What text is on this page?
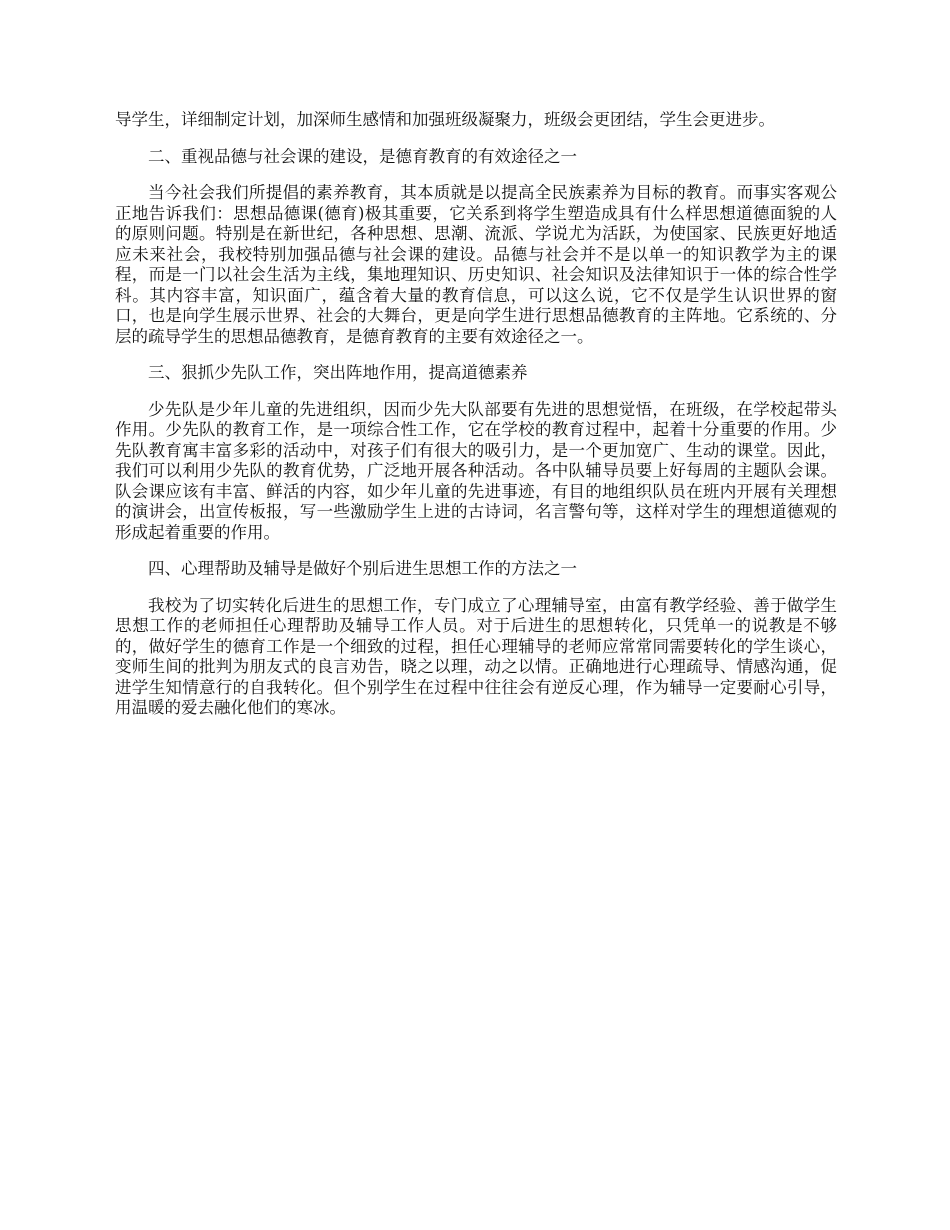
导学生，详细制定计划，加深师生感情和加强班级凝聚力，班级会更团结，学生会更进步。

二、重视品德与社会课的建设，是德育教育的有效途径之一

当今社会我们所提倡的素养教育，其本质就是以提高全民族素养为目标的教育。而事实客观公正地告诉我们：思想品德课(德育)极其重要，它关系到将学生塑造成具有什么样思想道德面貌的人的原则问题。特别是在新世纪，各种思想、思潮、流派、学说尤为活跃，为使国家、民族更好地适应未来社会，我校特别加强品德与社会课的建设。品德与社会并不是以单一的知识教学为主的课程，而是一门以社会生活为主线，集地理知识、历史知识、社会知识及法律知识于一体的综合性学科。其内容丰富，知识面广，蕴含着大量的教育信息，可以这么说，它不仅是学生认识世界的窗口，也是向学生展示世界、社会的大舞台，更是向学生进行思想品德教育的主阵地。它系统的、分层的疏导学生的思想品德教育，是德育教育的主要有效途径之一。

三、狠抓少先队工作，突出阵地作用，提高道德素养

少先队是少年儿童的先进组织，因而少先大队部要有先进的思想觉悟，在班级，在学校起带头作用。少先队的教育工作，是一项综合性工作，它在学校的教育过程中，起着十分重要的作用。少先队教育寓丰富多彩的活动中，对孩子们有很大的吸引力，是一个更加宽广、生动的课堂。因此，我们可以利用少先队的教育优势，广泛地开展各种活动。各中队辅导员要上好每周的主题队会课。队会课应该有丰富、鲜活的内容，如少年儿童的先进事迹，有目的地组织队员在班内开展有关理想的演讲会，出宣传板报，写一些激励学生上进的古诗词，名言警句等，这样对学生的理想道德观的形成起着重要的作用。

四、心理帮助及辅导是做好个别后进生思想工作的方法之一

我校为了切实转化后进生的思想工作，专门成立了心理辅导室，由富有教学经验、善于做学生思想工作的老师担任心理帮助及辅导工作人员。对于后进生的思想转化，只凭单一的说教是不够的，做好学生的德育工作是一个细致的过程，担任心理辅导的老师应常常同需要转化的学生谈心，变师生间的批判为朋友式的良言劝告，晓之以理，动之以情。正确地进行心理疏导、情感沟通，促进学生知情意行的自我转化。但个别学生在过程中往往会有逆反心理，作为辅导一定要耐心引导，用温暖的爱去融化他们的寒冰。
